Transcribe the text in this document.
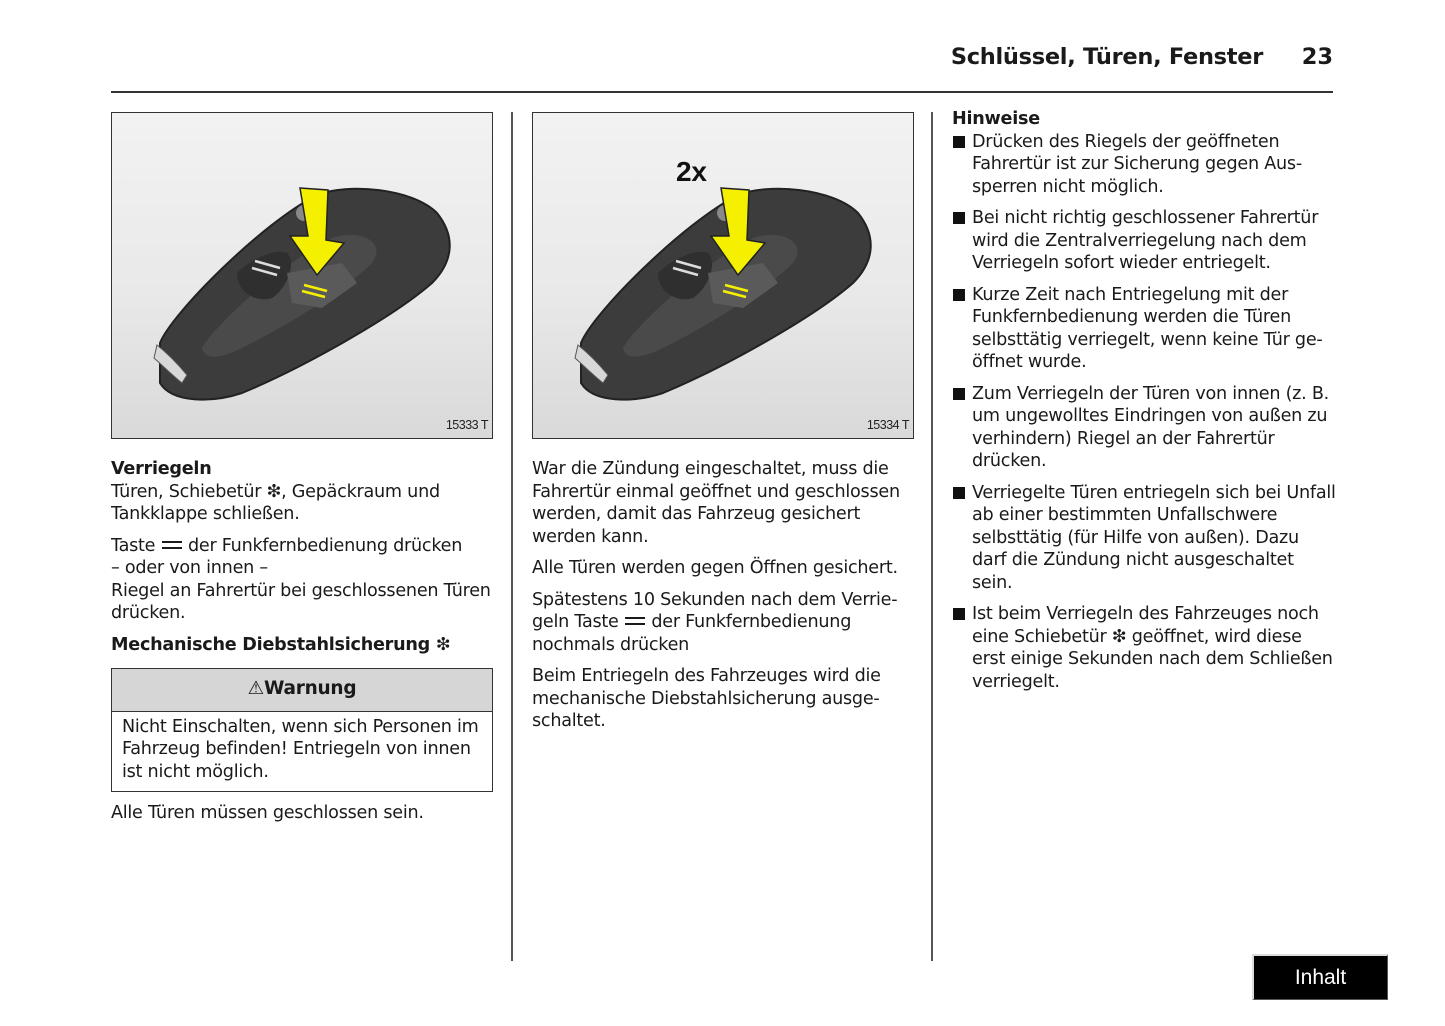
Schlüssel, Türen, Fenster 23
15333 T
Verriegeln

Türen, Schiebetür ❇, Gepäckraum und Tankklappe schließen.

Taste  der Funkfernbedienung drücken
– oder von innen –
Riegel an Fahrertür bei geschlossenen Türen drücken.

Mechanische Diebstahlsicherung ❇
⚠Warnung
Nicht Einschalten, wenn sich Personen im Fahrzeug befinden! Entriegeln von innen ist nicht möglich.

Alle Türen müssen geschlossen sein.

2x
15334 T

War die Zündung eingeschaltet, muss die Fahrertür einmal geöffnet und geschlossen werden, damit das Fahrzeug gesichert werden kann.

Alle Türen werden gegen Öffnen gesichert.

Spätestens 10 Sekunden nach dem Verriegeln Taste  der Funkfernbedienung nochmals drücken

Beim Entriegeln des Fahrzeuges wird die mechanische Diebstahlsicherung ausgeschaltet.

Hinweise
Drücken des Riegels der geöffneten Fahrertür ist zur Sicherung gegen Aussperren nicht möglich.
Bei nicht richtig geschlossener Fahrertür wird die Zentralverriegelung nach dem Verriegeln sofort wieder entriegelt.
Kurze Zeit nach Entriegelung mit der Funkfernbedienung werden die Türen selbsttätig verriegelt, wenn keine Tür geöffnet wurde.
Zum Verriegeln der Türen von innen (z. B. um ungewolltes Eindringen von außen zu verhindern) Riegel an der Fahrertür drücken.
Verriegelte Türen entriegeln sich bei Unfall ab einer bestimmten Unfallschwere selbsttätig (für Hilfe von außen). Dazu darf die Zündung nicht ausgeschaltet sein.
Ist beim Verriegeln des Fahrzeuges noch eine Schiebetür ❇ geöffnet, wird diese erst einige Sekunden nach dem Schließen verriegelt.
Inhalt
